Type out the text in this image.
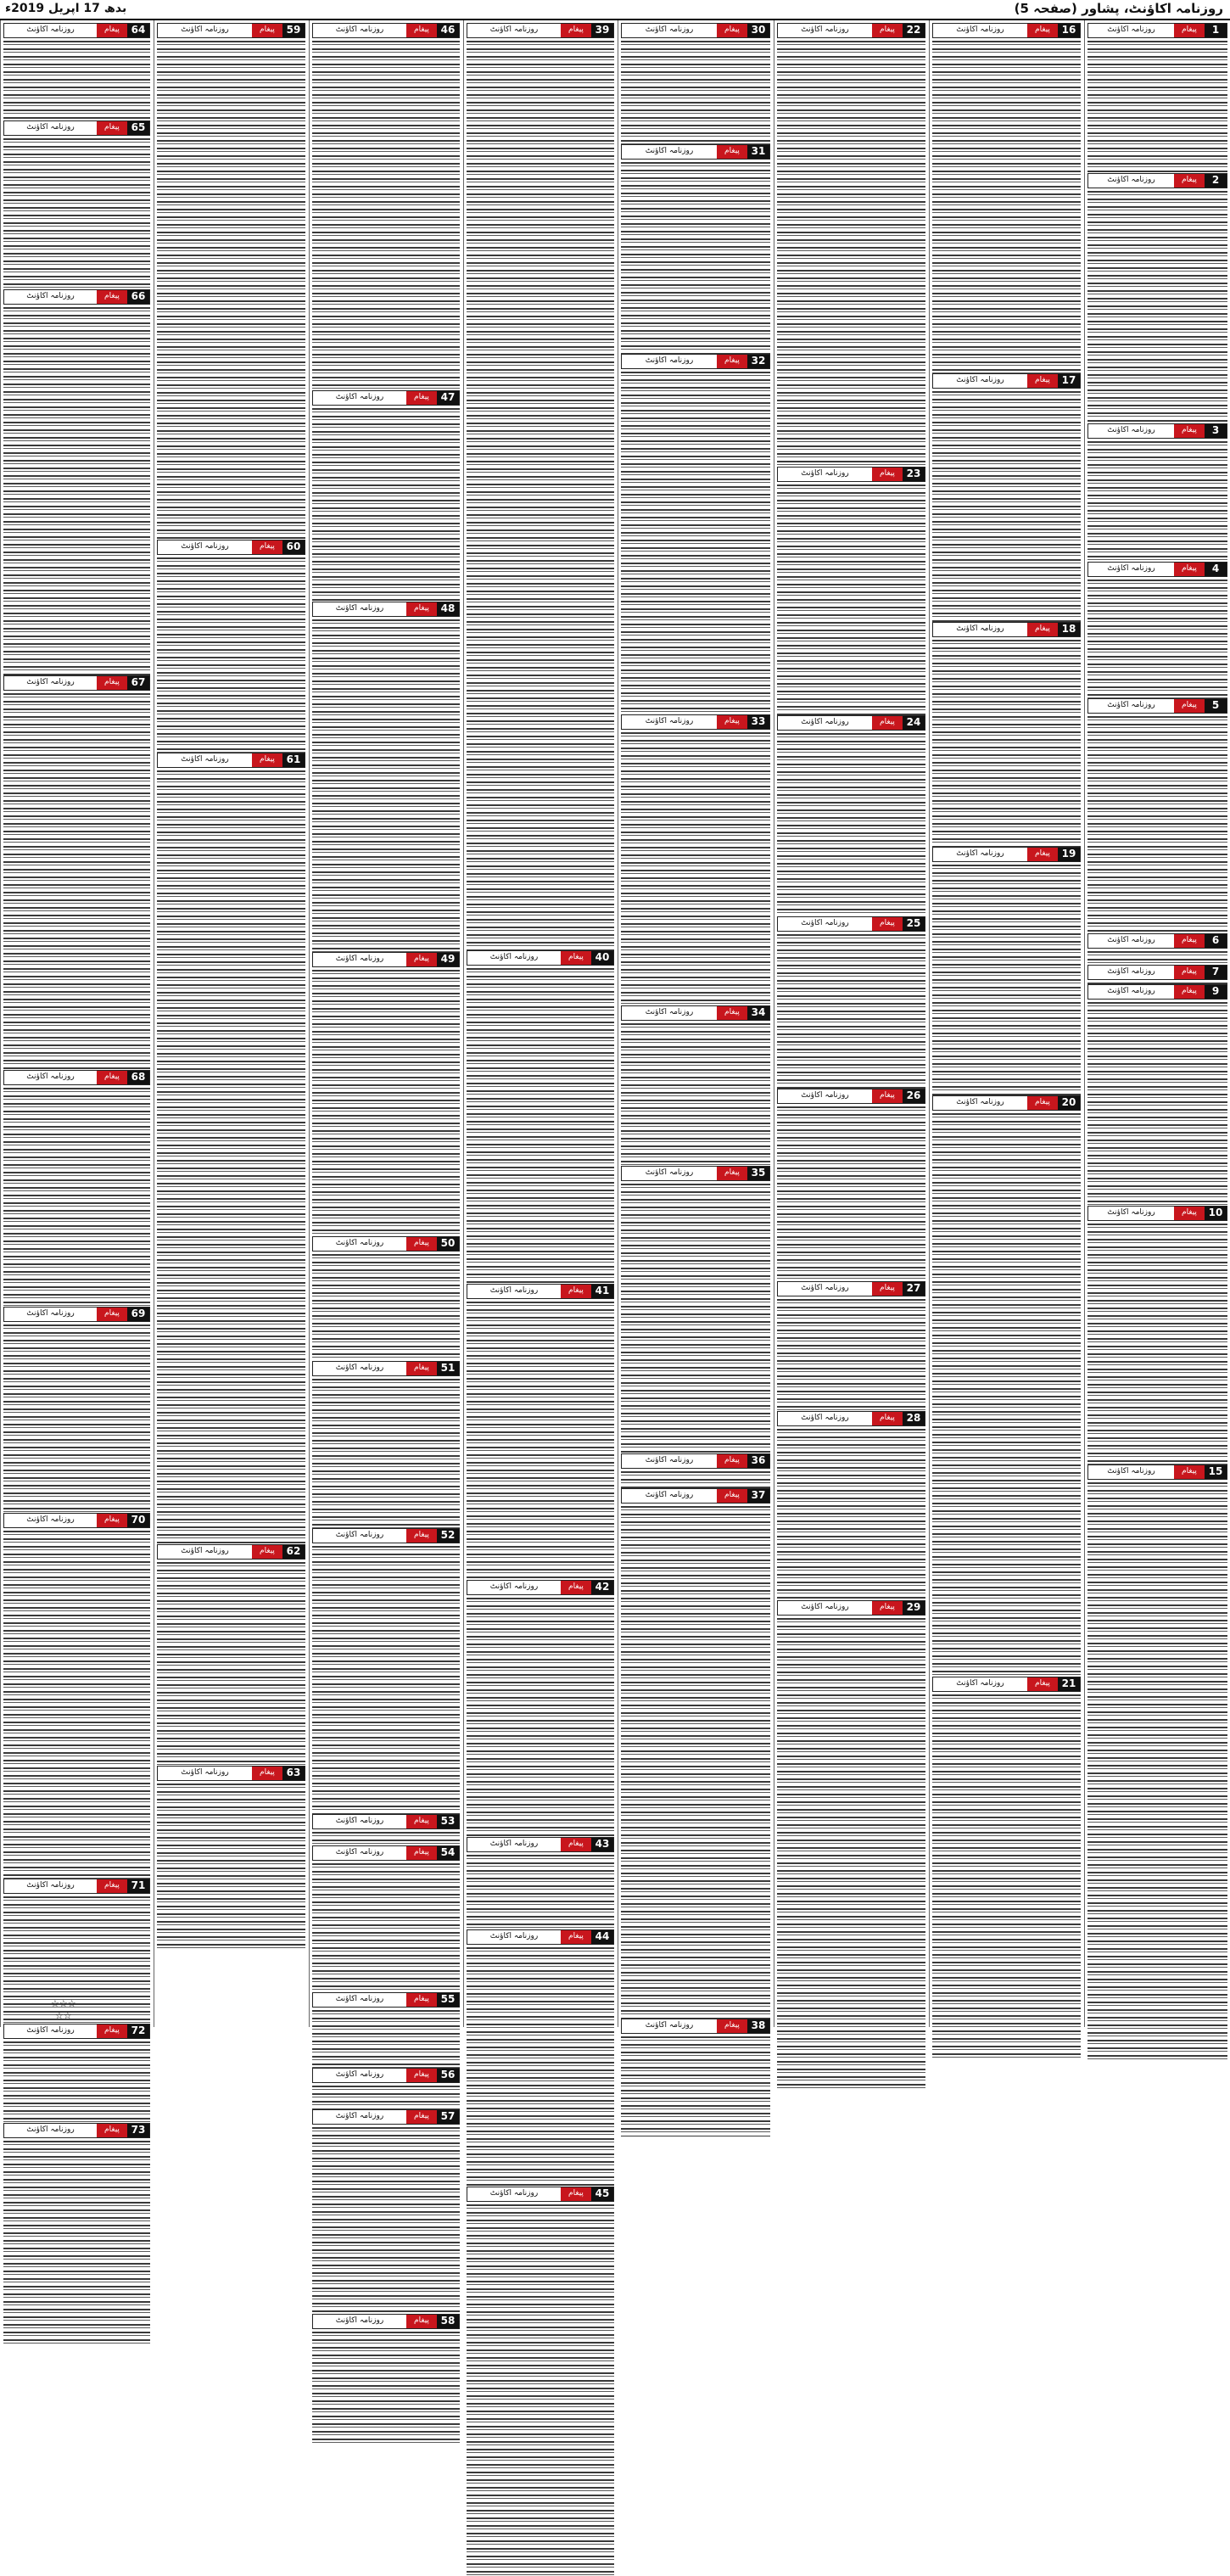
روزنامہ اکاؤنٹ، پشاور (صفحہ 5)
بدھ 17 اپریل 2019ء
1
پیغام
روزنامہ اکاؤنٹ
2
پیغام
روزنامہ اکاؤنٹ
3
پیغام
روزنامہ اکاؤنٹ
4
پیغام
روزنامہ اکاؤنٹ
5
پیغام
روزنامہ اکاؤنٹ
6
پیغام
روزنامہ اکاؤنٹ
7
پیغام
روزنامہ اکاؤنٹ
9
پیغام
روزنامہ اکاؤنٹ
10
پیغام
روزنامہ اکاؤنٹ
15
پیغام
روزنامہ اکاؤنٹ
16
پیغام
روزنامہ اکاؤنٹ
17
پیغام
روزنامہ اکاؤنٹ
18
پیغام
روزنامہ اکاؤنٹ
19
پیغام
روزنامہ اکاؤنٹ
20
پیغام
روزنامہ اکاؤنٹ
21
پیغام
روزنامہ اکاؤنٹ
22
پیغام
روزنامہ اکاؤنٹ
23
پیغام
روزنامہ اکاؤنٹ
24
پیغام
روزنامہ اکاؤنٹ
25
پیغام
روزنامہ اکاؤنٹ
26
پیغام
روزنامہ اکاؤنٹ
27
پیغام
روزنامہ اکاؤنٹ
28
پیغام
روزنامہ اکاؤنٹ
29
پیغام
روزنامہ اکاؤنٹ
30
پیغام
روزنامہ اکاؤنٹ
31
پیغام
روزنامہ اکاؤنٹ
32
پیغام
روزنامہ اکاؤنٹ
33
پیغام
روزنامہ اکاؤنٹ
34
پیغام
روزنامہ اکاؤنٹ
35
پیغام
روزنامہ اکاؤنٹ
36
پیغام
روزنامہ اکاؤنٹ
37
پیغام
روزنامہ اکاؤنٹ
38
پیغام
روزنامہ اکاؤنٹ
39
پیغام
روزنامہ اکاؤنٹ
40
پیغام
روزنامہ اکاؤنٹ
41
پیغام
روزنامہ اکاؤنٹ
42
پیغام
روزنامہ اکاؤنٹ
43
پیغام
روزنامہ اکاؤنٹ
44
پیغام
روزنامہ اکاؤنٹ
45
پیغام
روزنامہ اکاؤنٹ
46
پیغام
روزنامہ اکاؤنٹ
47
پیغام
روزنامہ اکاؤنٹ
48
پیغام
روزنامہ اکاؤنٹ
49
پیغام
روزنامہ اکاؤنٹ
50
پیغام
روزنامہ اکاؤنٹ
51
پیغام
روزنامہ اکاؤنٹ
52
پیغام
روزنامہ اکاؤنٹ
53
پیغام
روزنامہ اکاؤنٹ
54
پیغام
روزنامہ اکاؤنٹ
55
پیغام
روزنامہ اکاؤنٹ
56
پیغام
روزنامہ اکاؤنٹ
57
پیغام
روزنامہ اکاؤنٹ
58
پیغام
روزنامہ اکاؤنٹ
59
پیغام
روزنامہ اکاؤنٹ
60
پیغام
روزنامہ اکاؤنٹ
61
پیغام
روزنامہ اکاؤنٹ
62
پیغام
روزنامہ اکاؤنٹ
63
پیغام
روزنامہ اکاؤنٹ
64
پیغام
روزنامہ اکاؤنٹ
65
پیغام
روزنامہ اکاؤنٹ
66
پیغام
روزنامہ اکاؤنٹ
67
پیغام
روزنامہ اکاؤنٹ
68
پیغام
روزنامہ اکاؤنٹ
69
پیغام
روزنامہ اکاؤنٹ
70
پیغام
روزنامہ اکاؤنٹ
71
پیغام
روزنامہ اکاؤنٹ
72
پیغام
روزنامہ اکاؤنٹ
73
پیغام
روزنامہ اکاؤنٹ
☆☆☆
☆☆
